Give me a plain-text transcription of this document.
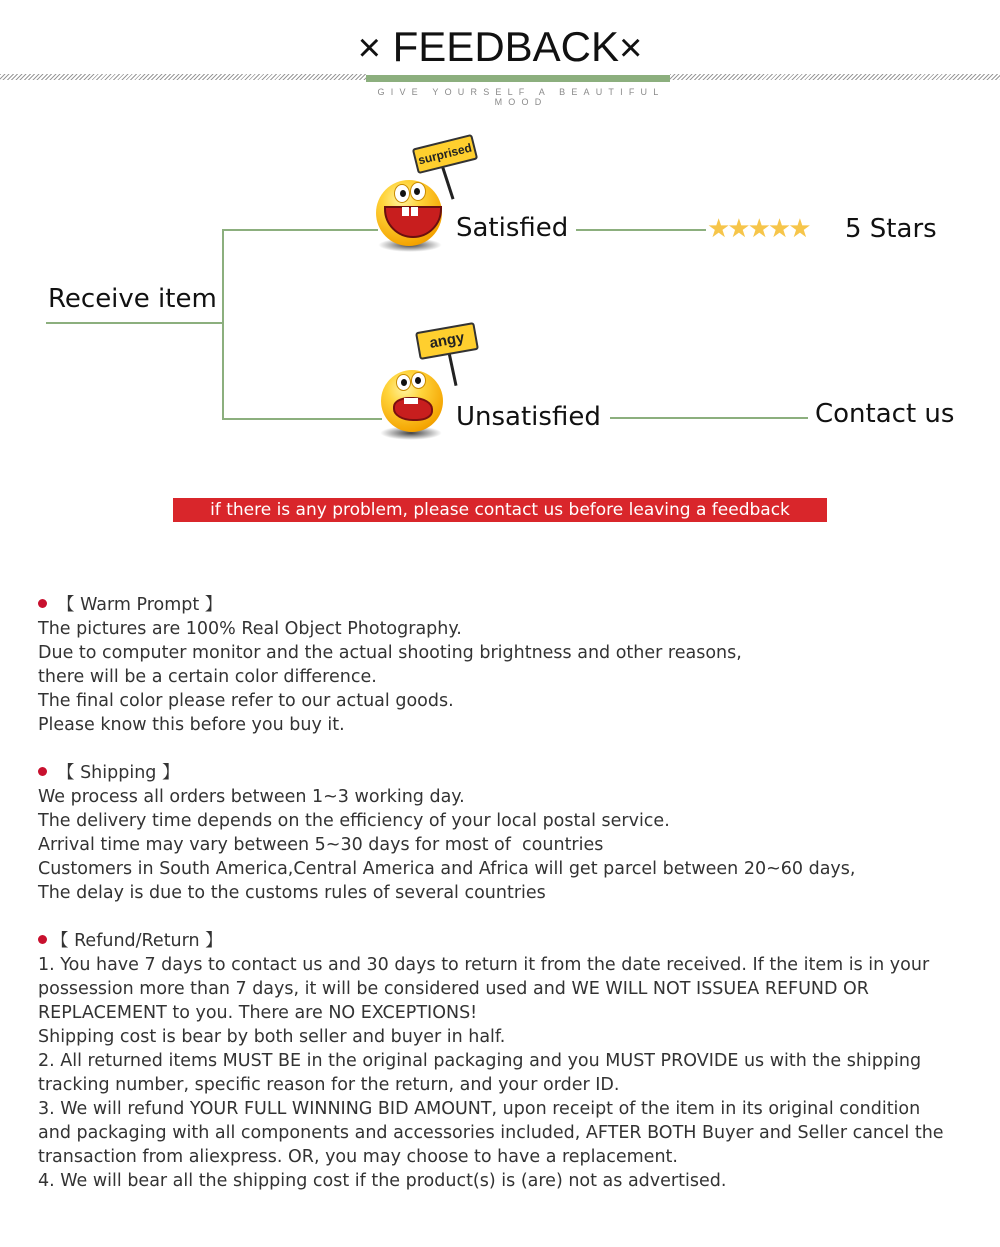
× FEEDBACK×
GIVE YOURSELF A BEAUTIFUL MOOD
Receive item
surprised
Satisfied	★★★★★ 5 Stars
angy
Unsatisfied	Contact us
if there is any problem, please contact us before leaving a feedback
【 Warm Prompt 】
The pictures are 100% Real Object Photography.
Due to computer monitor and the actual shooting brightness and other reasons,
there will be a certain color difference.
The final color please refer to our actual goods.
Please know this before you buy it.
【 Shipping 】
We process all orders between 1~3 working day.
The delivery time depends on the efficiency of your local postal service.
Arrival time may vary between 5~30 days for most of  countries
Customers in South America,Central America and Africa will get parcel between 20~60 days,
The delay is due to the customs rules of several countries
【 Refund/Return 】
1. You have 7 days to contact us and 30 days to return it from the date received. If the item is in your
possession more than 7 days, it will be considered used and WE WILL NOT ISSUEA REFUND OR
REPLACEMENT to you. There are NO EXCEPTIONS!
Shipping cost is bear by both seller and buyer in half.
2. All returned items MUST BE in the original packaging and you MUST PROVIDE us with the shipping
tracking number, specific reason for the return, and your order ID.
3. We will refund YOUR FULL WINNING BID AMOUNT, upon receipt of the item in its original condition
and packaging with all components and accessories included, AFTER BOTH Buyer and Seller cancel the
transaction from aliexpress. OR, you may choose to have a replacement.
4. We will bear all the shipping cost if the product(s) is (are) not as advertised.
